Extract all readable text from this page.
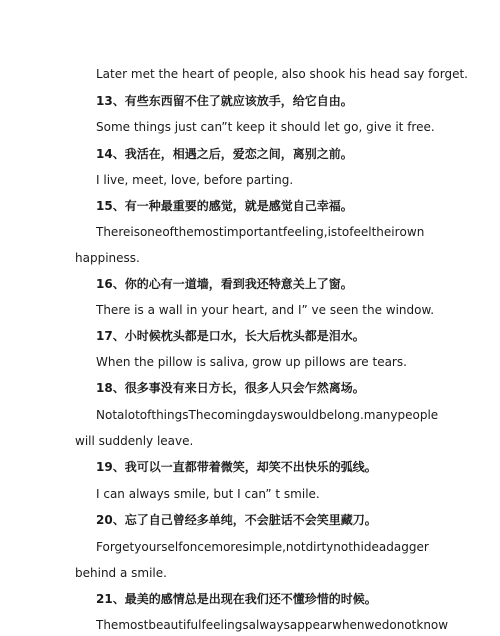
Later met the heart of people, also shook his head say forget.
13、有些东西留不住了就应该放手，给它自由。
Some things just can”t keep it should let go, give it free.
14、我活在，相遇之后，爱恋之间，离别之前。
I live, meet, love, before parting.
15、有一种最重要的感觉，就是感觉自己幸福。
There is one of the most important feeling, is to feel their own
happiness.
16、你的心有一道墙，看到我还特意关上了窗。
There is a wall in your heart, and I” ve seen the window.
17、小时候枕头都是口水，长大后枕头都是泪水。
When the pillow is saliva, grow up pillows are tears.
18、很多事没有来日方长，很多人只会乍然离场。
Not a lot of things The coming days would be long. many people
will suddenly leave.
19、我可以一直都带着微笑，却笑不出快乐的弧线。
I can always smile, but I can” t smile.
20、忘了自己曾经多单纯，不会脏话不会笑里藏刀。
Forget yourself once more simple, not dirty not hide a dagger
behind a smile.
21、最美的感情总是出现在我们还不懂珍惜的时候。
The most beautiful feelings always appear when we do not know
